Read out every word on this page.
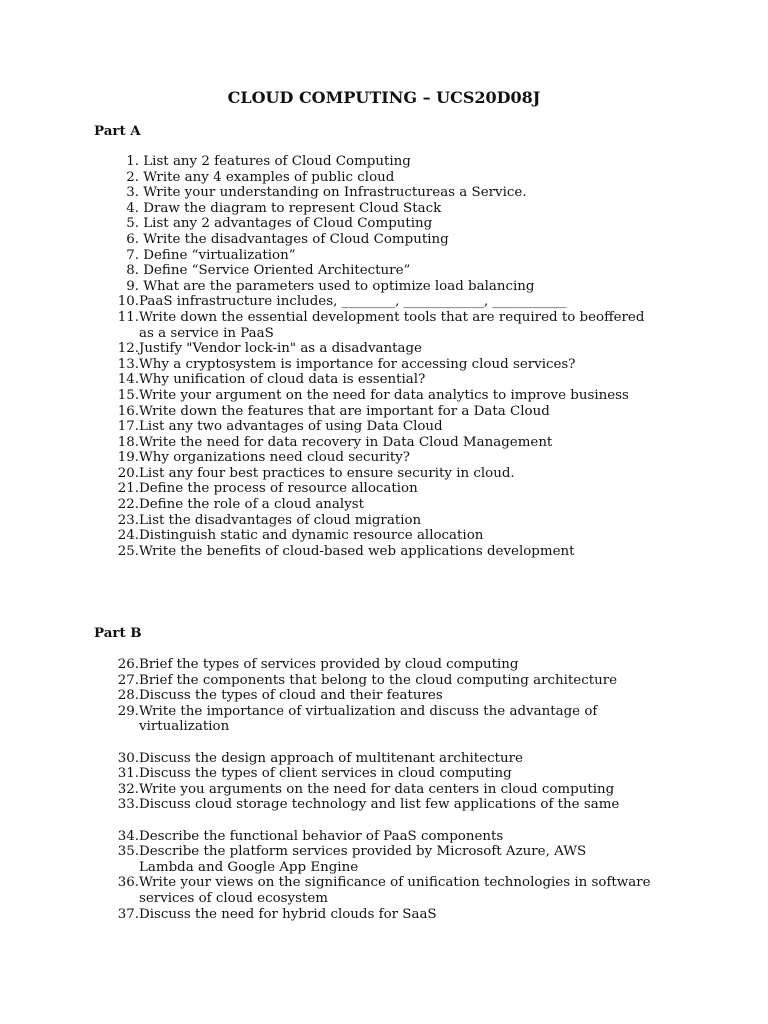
CLOUD COMPUTING – UCS20D08J

Part A

1. List any 2 features of Cloud Computing
2. Write any 4 examples of public cloud
3. Write your understanding on Infrastructureas a Service.
4. Draw the diagram to represent Cloud Stack
5. List any 2 advantages of Cloud Computing
6. Write the disadvantages of Cloud Computing
7. Define “virtualization”
8. Define “Service Oriented Architecture”
9. What are the parameters used to optimize load balancing
10. PaaS infrastructure includes, ________, ____________, ___________
11. Write down the essential development tools that are required to beoffered
as a service in PaaS
12. Justify "Vendor lock-in" as a disadvantage
13. Why a cryptosystem is importance for accessing cloud services?
14. Why unification of cloud data is essential?
15. Write your argument on the need for data analytics to improve business
16. Write down the features that are important for a Data Cloud
17. List any two advantages of using Data Cloud
18. Write the need for data recovery in Data Cloud Management
19. Why organizations need cloud security?
20. List any four best practices to ensure security in cloud.
21. Define the process of resource allocation
22. Define the role of a cloud analyst
23. List the disadvantages of cloud migration
24. Distinguish static and dynamic resource allocation
25. Write the benefits of cloud-based web applications development

Part B

26. Brief the types of services provided by cloud computing
27. Brief the components that belong to the cloud computing architecture
28. Discuss the types of cloud and their features
29. Write the importance of virtualization and discuss the advantage of
virtualization
30. Discuss the design approach of multitenant architecture
31. Discuss the types of client services in cloud computing
32. Write you arguments on the need for data centers in cloud computing
33. Discuss cloud storage technology and list few applications of the same
34. Describe the functional behavior of PaaS components
35. Describe the platform services provided by Microsoft Azure, AWS
Lambda and Google App Engine
36. Write your views on the significance of unification technologies in software
services of cloud ecosystem
37. Discuss the need for hybrid clouds for SaaS
